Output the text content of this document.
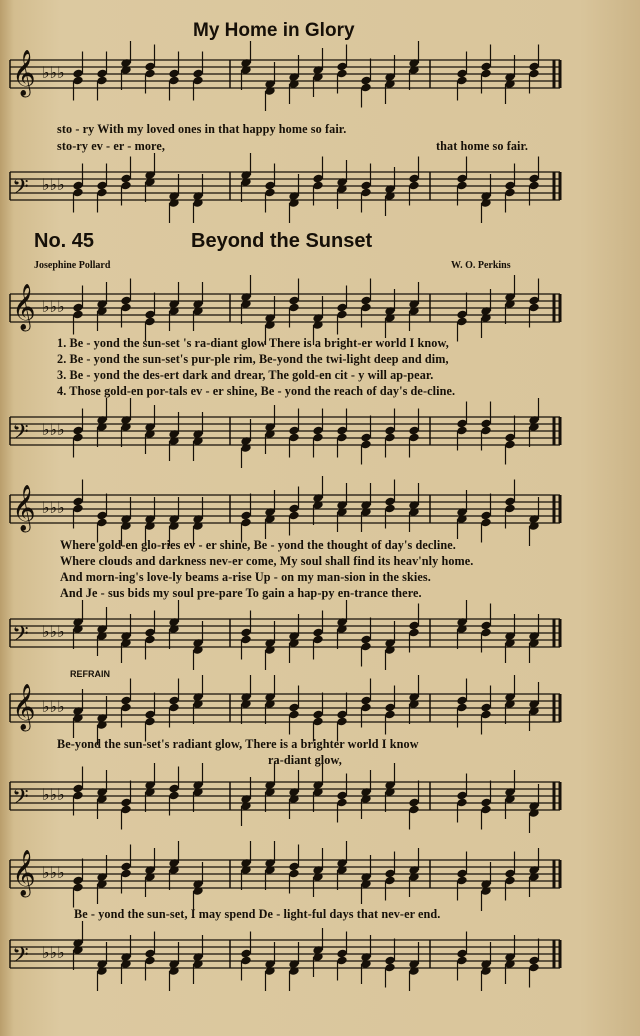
My Home in Glory
𝄞 ♭♭♭
sto - ry With my loved ones in that happy home so fair.
sto-ry ev - er - more,	that home so fair.
𝄢 ♭♭♭
No. 45	Beyond the Sunset
Josephine Pollard	W. O. Perkins
𝄞 ♭♭♭
1. Be - yond the sun-set 's ra-diant glow There is a bright-er world I know,
2. Be - yond the sun-set's pur-ple rim, Be-yond the twi-light deep and dim,
3. Be - yond the des-ert dark and drear, The gold-en cit - y will ap-pear.
4. Those gold-en por-tals ev - er shine, Be - yond the reach of day's de-cline.
𝄢 ♭♭♭
𝄞 ♭♭♭
Where gold-en glo-ries ev - er shine, Be - yond the thought of day's decline.
Where clouds and darkness nev-er come, My soul shall find its heav'nly home.
And morn-ing's love-ly beams a-rise Up - on my man-sion in the skies.
And Je - sus bids my soul pre-pare To gain a hap-py en-trance there.
𝄢 ♭♭♭
REFRAIN
𝄞 ♭♭♭
Be-yond the sun-set's radiant glow, There is a brighter world I know
ra-diant glow,
𝄢 ♭♭♭
𝄞 ♭♭♭
Be - yond the sun-set, I may spend De - light-ful days that nev-er end.
𝄢 ♭♭♭
